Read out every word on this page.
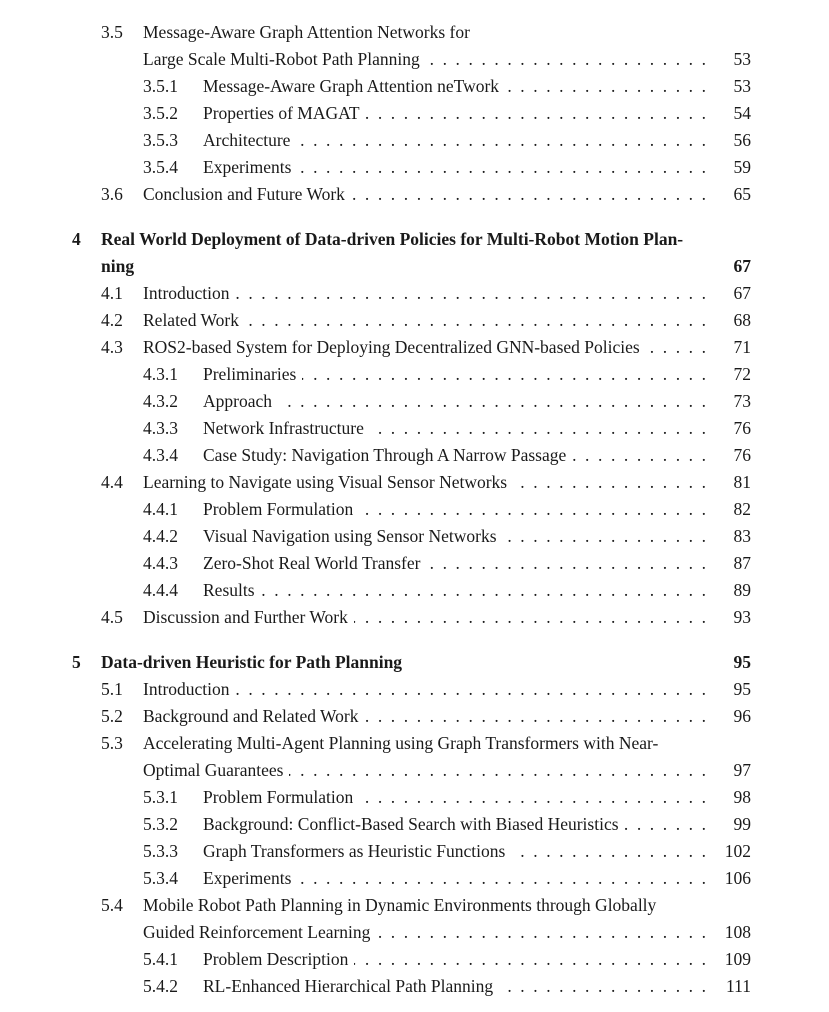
3.5 Message-Aware Graph Attention Networks for
Large Scale Multi-Robot Path Planning . . .	53
3.5.1 Message-Aware Graph Attention neTwork . . .	53
3.5.2 Properties of MAGAT . . .	54
3.5.3 Architecture . . .	56
3.5.4 Experiments . . .	59
3.6 Conclusion and Future Work . . .	65
4 Real World Deployment of Data-driven Policies for Multi-Robot Motion Plan-
ning	67
4.1 Introduction . . .	67
4.2 Related Work . . .	68
4.3 ROS2-based System for Deploying Decentralized GNN-based Policies . . .	71
4.3.1 Preliminaries . . .	72
4.3.2 Approach . . .	73
4.3.3 Network Infrastructure . . .	76
4.3.4 Case Study: Navigation Through A Narrow Passage . . .	76
4.4 Learning to Navigate using Visual Sensor Networks . . .	81
4.4.1 Problem Formulation . . .	82
4.4.2 Visual Navigation using Sensor Networks . . .	83
4.4.3 Zero-Shot Real World Transfer . . .	87
4.4.4 Results . . .	89
4.5 Discussion and Further Work . . .	93
5 Data-driven Heuristic for Path Planning	95
5.1 Introduction . . .	95
5.2 Background and Related Work . . .	96
5.3 Accelerating Multi-Agent Planning using Graph Transformers with Near-
Optimal Guarantees . . .	97
5.3.1 Problem Formulation . . .	98
5.3.2 Background: Conflict-Based Search with Biased Heuristics . . .	99
5.3.3 Graph Transformers as Heuristic Functions . . .	102
5.3.4 Experiments . . .	106
5.4 Mobile Robot Path Planning in Dynamic Environments through Globally
Guided Reinforcement Learning . . .	108
5.4.1 Problem Description . . .	109
5.4.2 RL-Enhanced Hierarchical Path Planning . . .	111
